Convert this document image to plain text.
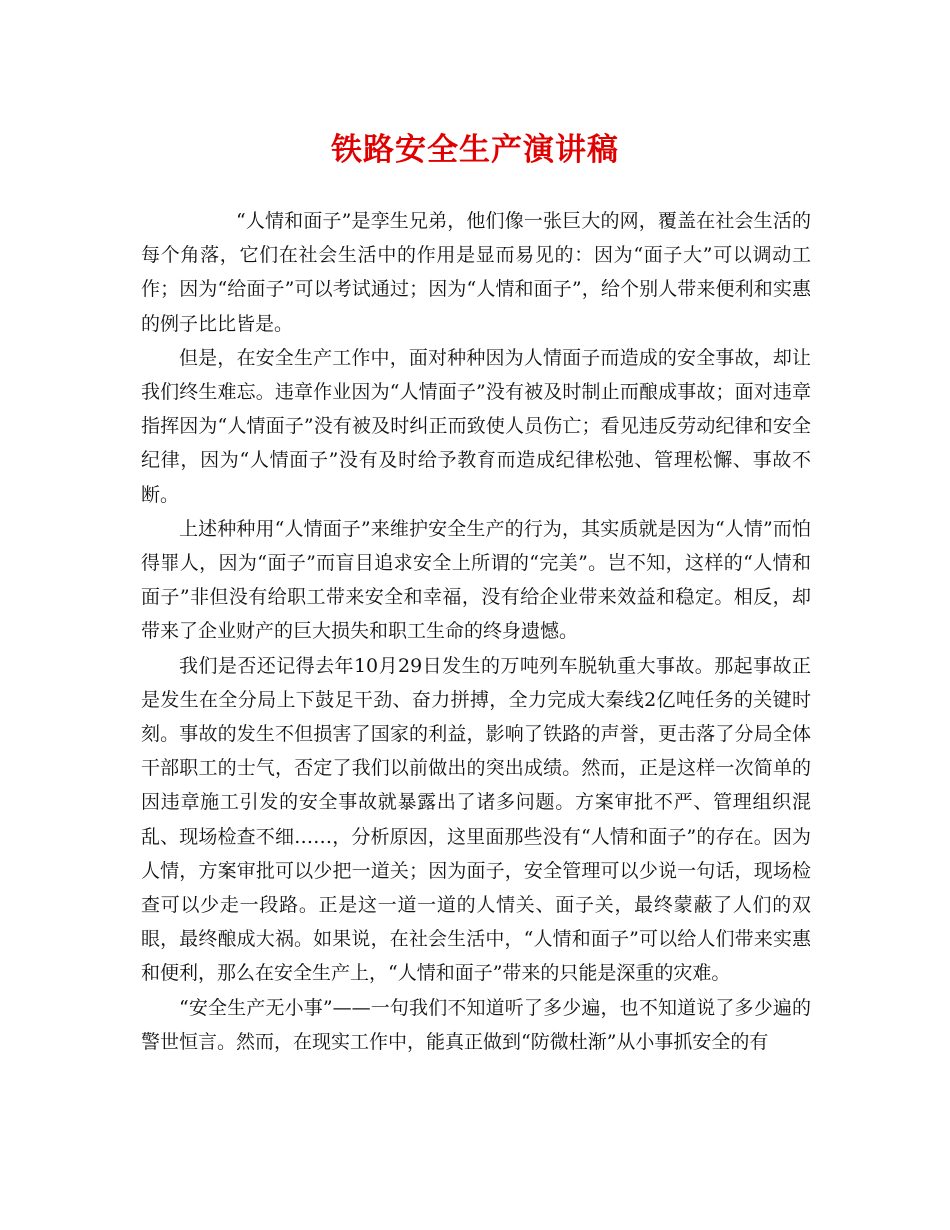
铁路安全生产演讲稿

“人情和面子”是孪生兄弟，他们像一张巨大的网，覆盖在社会生活的每个角落，它们在社会生活中的作用是显而易见的：因为“面子大”可以调动工作；因为“给面子”可以考试通过；因为“人情和面子”，给个别人带来便利和实惠的例子比比皆是。

但是，在安全生产工作中，面对种种因为人情面子而造成的安全事故，却让我们终生难忘。违章作业因为“人情面子”没有被及时制止而酿成事故；面对违章指挥因为“人情面子”没有被及时纠正而致使人员伤亡；看见违反劳动纪律和安全纪律，因为“人情面子”没有及时给予教育而造成纪律松弛、管理松懈、事故不断。

上述种种用“人情面子”来维护安全生产的行为，其实质就是因为“人情”而怕得罪人，因为“面子”而盲目追求安全上所谓的“完美”。岂不知，这样的“人情和面子”非但没有给职工带来安全和幸福，没有给企业带来效益和稳定。相反，却带来了企业财产的巨大损失和职工生命的终身遗憾。

我们是否还记得去年10月29日发生的万吨列车脱轨重大事故。那起事故正是发生在全分局上下鼓足干劲、奋力拼搏，全力完成大秦线2亿吨任务的关键时刻。事故的发生不但损害了国家的利益，影响了铁路的声誉，更击落了分局全体干部职工的士气，否定了我们以前做出的突出成绩。然而，正是这样一次简单的因违章施工引发的安全事故就暴露出了诸多问题。方案审批不严、管理组织混乱、现场检查不细……，分析原因，这里面那些没有“人情和面子”的存在。因为人情，方案审批可以少把一道关；因为面子，安全管理可以少说一句话，现场检查可以少走一段路。正是这一道一道的人情关、面子关，最终蒙蔽了人们的双眼，最终酿成大祸。如果说，在社会生活中，“人情和面子”可以给人们带来实惠和便利，那么在安全生产上，“人情和面子”带来的只能是深重的灾难。

“安全生产无小事”——一句我们不知道听了多少遍，也不知道说了多少遍的警世恒言。然而，在现实工作中，能真正做到“防微杜渐”从小事抓安全的有
